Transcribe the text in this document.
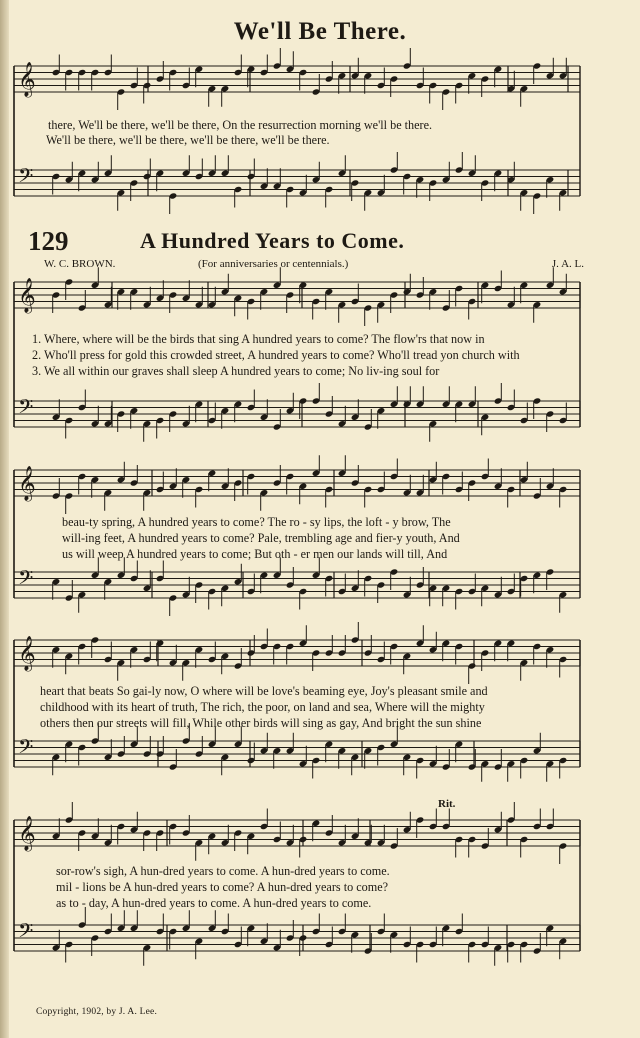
We'll Be There.
𝄞
𝄢
𝄞
𝄢
𝄞
𝄢
𝄞
𝄢
𝄞
𝄢
there, We'll be there, we'll be there, On the resurrection morning we'll be there.
We'll be there, we'll be there, we'll be there, we'll be there.
129	A Hundred Years to Come.
W. C. BROWN.	(For anniversaries or centennials.)	J. A. L.
1. Where, where will be the birds that sing A hundred years to come? The flow'rs that now in
2. Who'll press for gold this crowded street, A hundred years to come? Who'll tread yon church with
3. We all within our graves shall sleep A hundred years to come; No liv-ing soul for
beau-ty spring, A hundred years to come? The ro - sy lips, the loft - y brow, The
will-ing feet, A hundred years to come? Pale, trembling age and fier-y youth, And
us will weep A hundred years to come; But oth - er men our lands will till, And
heart that beats So gai-ly now, O where will be love's beaming eye, Joy's pleasant smile and
childhood with its heart of truth, The rich, the poor, on land and sea, Where will the mighty
others then our streets will fill, While other birds will sing as gay, And bright the sun shine
Rit.
sor-row's sigh, A hun-dred years to come. A hun-dred years to come.
mil - lions be A hun-dred years to come? A hun-dred years to come?
as to - day, A hun-dred years to come. A hun-dred years to come.
Copyright, 1902, by J. A. Lee.
